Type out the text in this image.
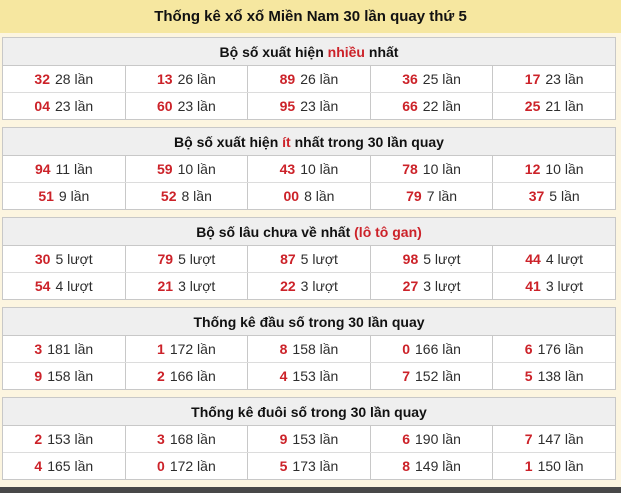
Thống kê xổ xố Miền Nam 30 lần quay thứ 5
Bộ số xuất hiện nhiều nhất
32 28 lần	13 26 lần	89 26 lần	36 25 lần	17 23 lần
04 23 lần	60 23 lần	95 23 lần	66 22 lần	25 21 lần
Bộ số xuất hiện ít nhất trong 30 lần quay
94 11 lần	59 10 lần	43 10 lần	78 10 lần	12 10 lần
51 9 lần	52 8 lần	00 8 lần	79 7 lần	37 5 lần
Bộ số lâu chưa về nhất (lô tô gan)
30 5 lượt	79 5 lượt	87 5 lượt	98 5 lượt	44 4 lượt
54 4 lượt	21 3 lượt	22 3 lượt	27 3 lượt	41 3 lượt
Thống kê đầu số trong 30 lần quay
3 181 lần	1 172 lần	8 158 lần	0 166 lần	6 176 lần
9 158 lần	2 166 lần	4 153 lần	7 152 lần	5 138 lần
Thống kê đuôi số trong 30 lần quay
2 153 lần	3 168 lần	9 153 lần	6 190 lần	7 147 lần
4 165 lần	0 172 lần	5 173 lần	8 149 lần	1 150 lần
